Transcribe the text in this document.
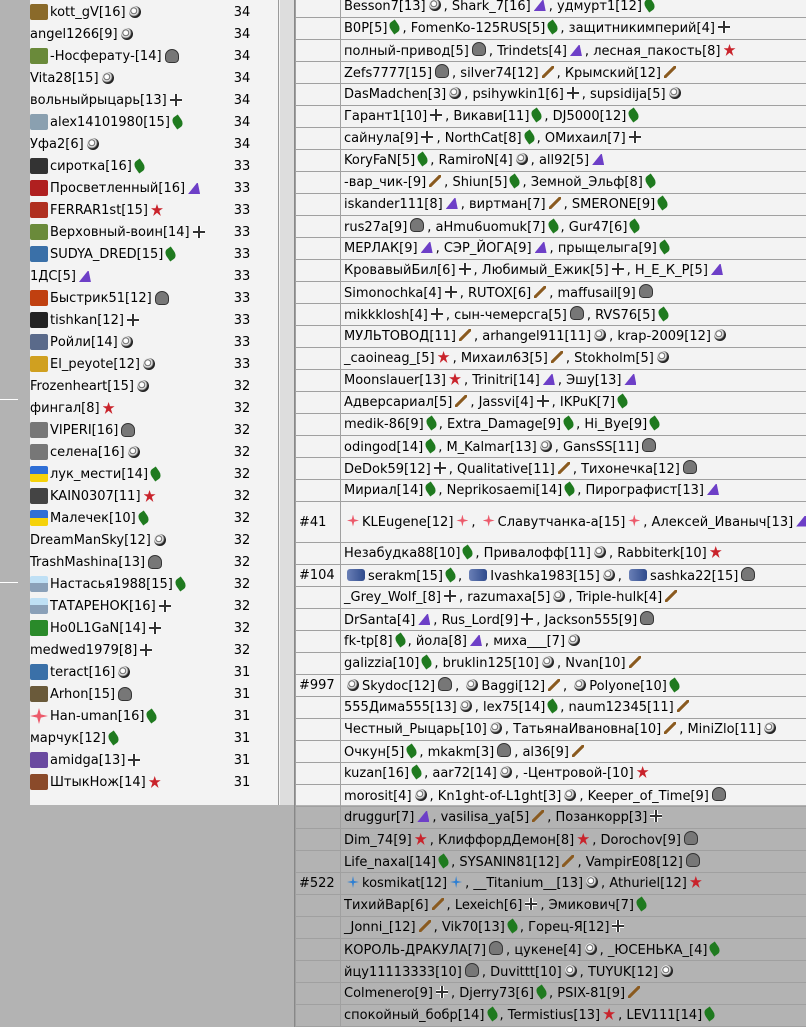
kott_gV[16]	34
angel1266[9]	34
-Носферату-[14]	34
Vita28[15]	34
вольныйрыцарь[13]	34
alex14101980[15]	34
Уфа2[6]	34
сиротка[16]	33
Просветленный[16]	33
FERRAR1st[15]	33
Верховный-воин[14]	33
SUDYA_DRED[15]	33
1ДС[5]	33
Быстрик51[12]	33
tishkan[12]	33
Ройли[14]	33
El_peyote[12]	33
Frozenheart[15]	32
фингал[8]	32
VIPERI[16]	32
селена[16]	32
лук_мести[14]	32
KAIN0307[11]	32
Малечек[10]	32
DreamManSky[12]	32
TrashMashina[13]	32
Настасья1988[15]	32
ТАТАРЕНОК[16]	32
Ho0L1GaN[14]	32
medwed1979[8]	32
teract[16]	31
Arhon[15]	31
Han-uman[16]	31
марчук[12]	31
amidga[13]	31
ШтыкНож[14]	31
	Besson7[13] , Shark_7[16] , удмурт1[12]
	B0P[5] , FomenKo-125RUS[5] , защитникимперий[4]
	полный-привод[5] , Trindets[4] , лесная_пакость[8]
	Zefs7777[15] , silver74[12] , Крымский[12]
	DasMadchen[3] , psihywkin1[6] , supsidija[5]
	Гарант1[10] , Викави[11] , DJ5000[12]
	сайнула[9] , NorthCat[8] , ОМихаил[7]
	KoryFaN[5] , RamiroN[4] , all92[5]
	-вар_чик-[9] , Shiun[5] , Земной_Эльф[8]
	iskander111[8] , виртман[7] , SMERONE[9]
	rus27a[9] , aHmu6uomuk[7] , Gur47[6]
	МЕРЛАК[9] , СЭР_ЙОГА[9] , прыщелыга[9]
	КровавыйБил[6] , Любимый_Ежик[5] , Н_Е_К_Р[5]
	Simonochka[4] , RUTOX[6] , maffusail[9]
	mikkklosh[4] , сын-чемерсга[5] , RVS76[5]
	МУЛЬТОВОД[11] , arhangel911[11] , krap-2009[12]
	_caoineag_[5] , Михаил63[5] , Stokholm[5]
	Moonslauer[13] , Trinitri[14] , Эшу[13]
	Адверсариал[5] , Jassvi[4] , IKPuK[7]
	medik-86[9] , Extra_Damage[9] , Hi_Bye[9]
	odingod[14] , M_Kalmar[13] , GansSS[11]
	DeDok59[12] , Qualitative[11] , Тихонечка[12]
	Мириал[14] , Neprikosaemi[14] , Пирографист[13]
#41	KLEugene[12] , Славутчанка-а[15] , Алексей_Иваныч[13]
	Незабудка88[10] , Привалофф[11] , Rabbiterk[10]
#104	serakm[15] , Ivashka1983[15] , sashka22[15]
	_Grey_Wolf_[8] , razumaxa[5] , Triple-hulk[4]
	DrSanta[4] , Rus_Lord[9] , Jackson555[9]
	fk-tp[8] , йола[8] , миха___[7]
	galizzia[10] , bruklin125[10] , Nvan[10]
#997	Skydoc[12] , Baggi[12] , Polyone[10]
	555Дима555[13] , lex75[14] , naum12345[11]
	Честный_Рыцарь[10] , ТатьянаИвановна[10] , MiniZlo[11]
	Очкун[5] , mkakm[3] , al36[9]
	kuzan[16] , aar72[14] , -Центровой-[10]
	morosit[4] , Kn1ght-of-L1ght[3] , Keeper_of_Time[9]
	druggur[7] , vasilisa_ya[5] , Позанкорр[3]
	Dim_74[9] , КлиффордДемон[8] , Dorochov[9]
	Life_naxal[14] , SYSANIN81[12] , VampirE08[12]
#522	kosmikat[12] , __Titanium__[13] , Athuriel[12]
	ТихийВар[6] , Lexeich[6] , Эмикович[7]
	_Jonni_[12] , Vik70[13] , Горец-Я[12]
	КОРОЛЬ-ДРАКУЛА[7] , цукене[4] , _ЮСЕНЬКА_[4]
	йцу11113333[10] , Duvittt[10] , TUYUK[12]
	Colmenero[9] , Djerry73[6] , PSIX-81[9]
	спокойный_бобр[14] , Termistius[13] , LEV111[14]
